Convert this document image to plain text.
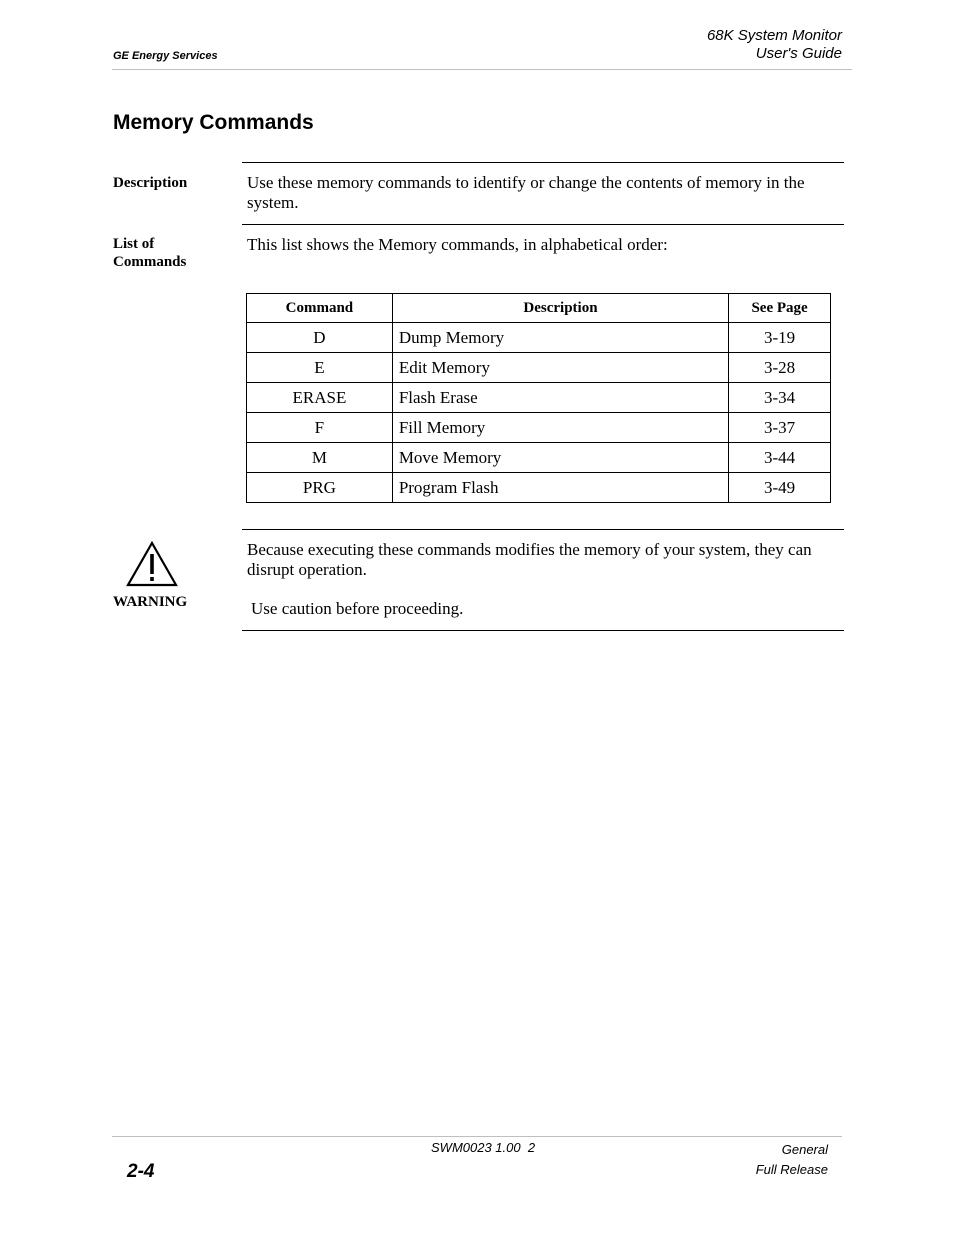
GE Energy Services
68K System Monitor
User's Guide
Memory Commands
Description	Use these memory commands to identify or change the contents of memory in the system.
List of
Commands
This list shows the Memory commands, in alphabetical order:
Command	Description	See Page
D	Dump Memory	3-19
E	Edit Memory	3-28
ERASE	Flash Erase	3-34
F	Fill Memory	3-37
M	Move Memory	3-44
PRG	Program Flash	3-49
WARNING
Because executing these commands modifies the memory of your system, they can disrupt operation.
Use caution before proceeding.
2-4
SWM0023 1.00  2	General
Full Release
